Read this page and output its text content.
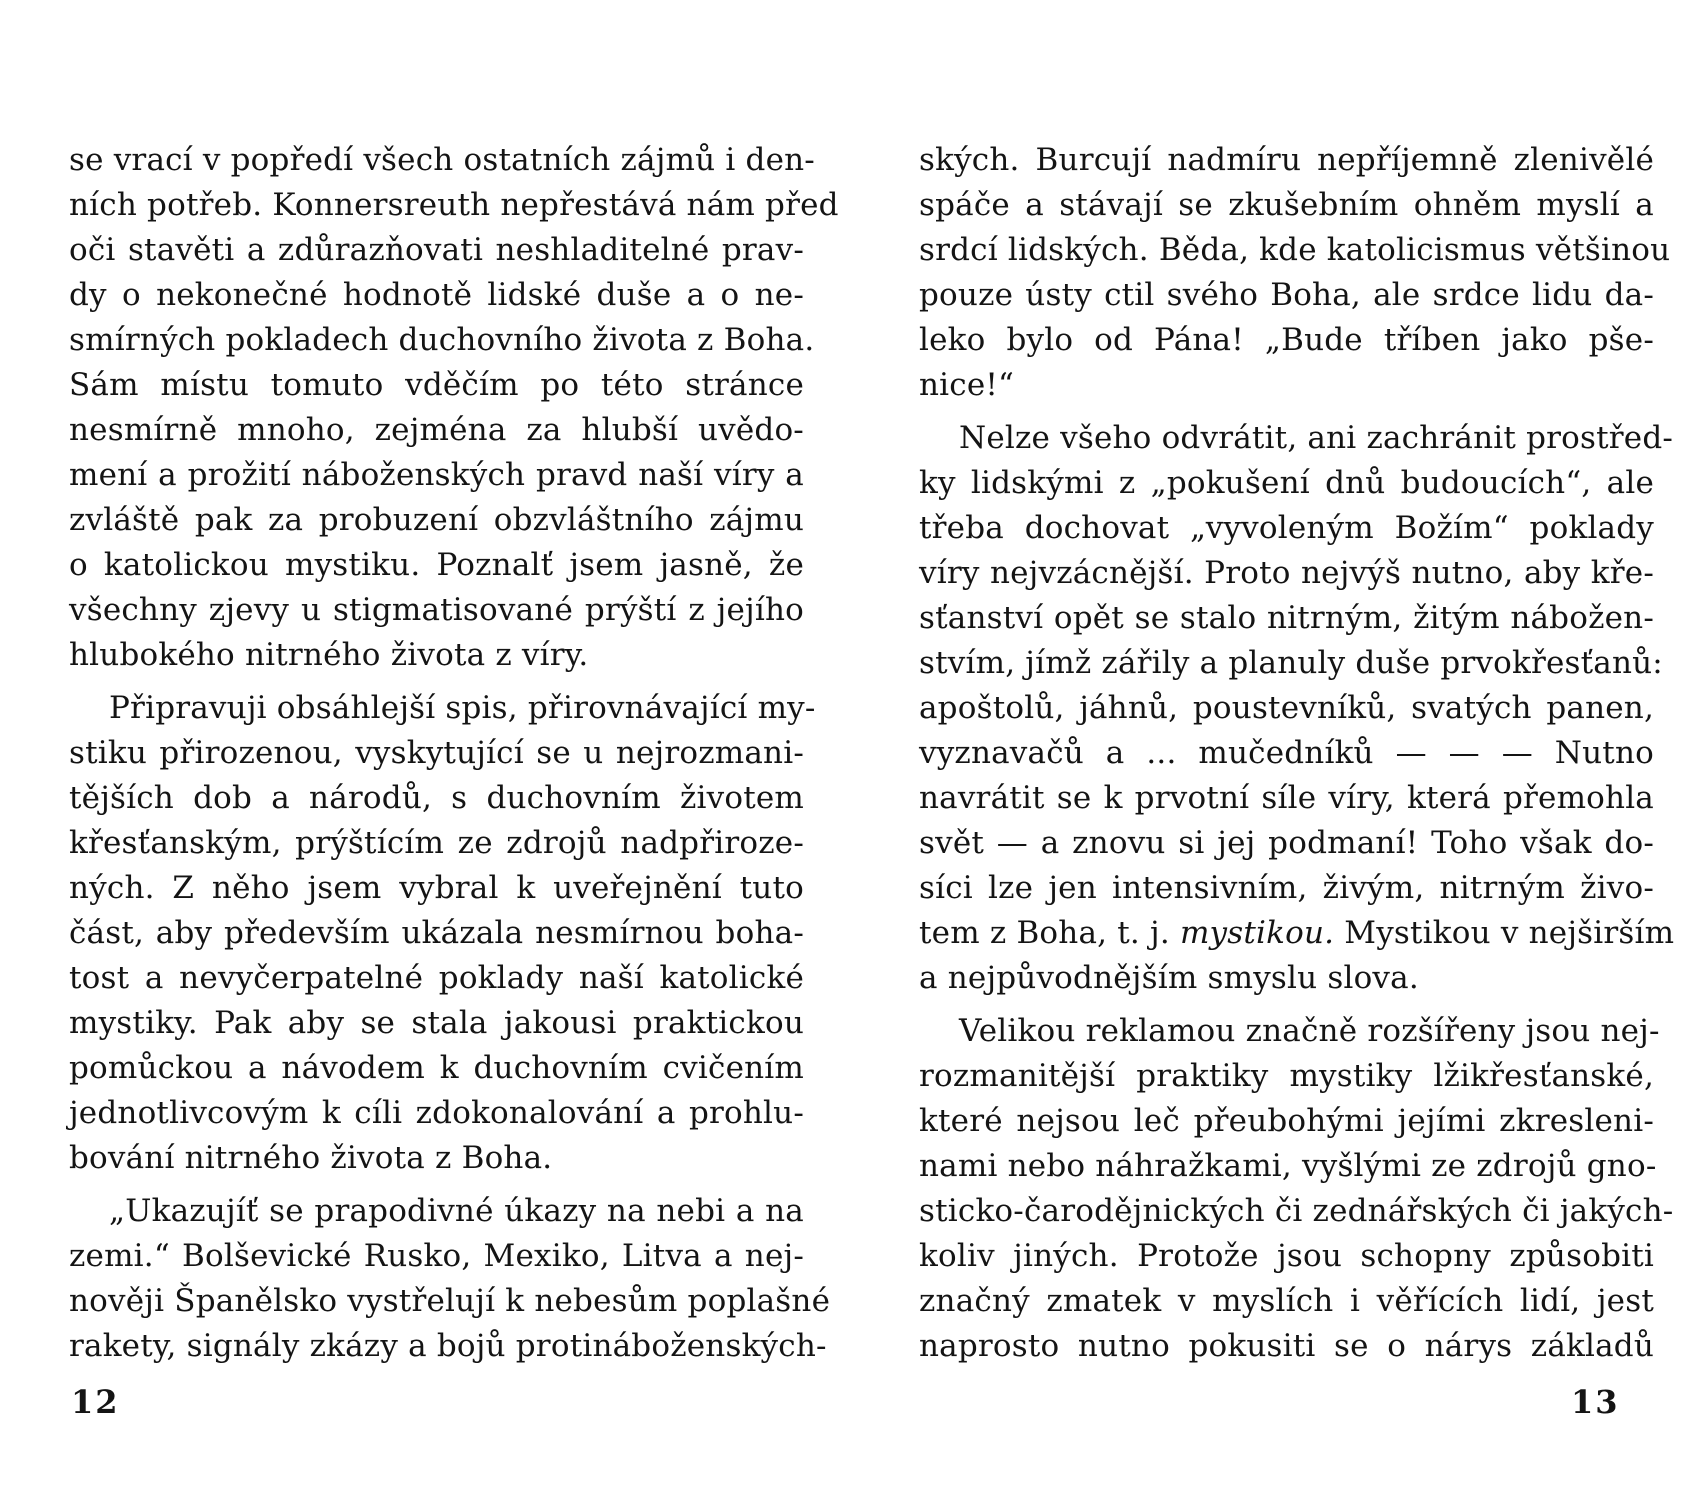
se vrací v popředí všech ostatních zájmů i den-
ních potřeb. Konnersreuth nepřestává nám před
oči stavěti a zdůrazňovati neshladitelné prav-
dy o nekonečné hodnotě lidské duše a o ne-
smírných pokladech duchovního života z Boha.
Sám místu tomuto vděčím po této stránce
nesmírně mnoho, zejména za hlubší uvědo-
mení a prožití náboženských pravd naší víry a
zvláště pak za probuzení obzvláštního zájmu
o katolickou mystiku. Poznalť jsem jasně, že
všechny zjevy u stigmatisované prýští z jejího
hlubokého nitrného života z víry.
Připravuji obsáhlejší spis, přirovnávající my-
stiku přirozenou, vyskytující se u nejrozmani-
tějších dob a národů, s duchovním životem
křesťanským, prýštícím ze zdrojů nadpřiroze-
ných. Z něho jsem vybral k uveřejnění tuto
část, aby především ukázala nesmírnou boha-
tost a nevyčerpatelné poklady naší katolické
mystiky. Pak aby se stala jakousi praktickou
pomůckou a návodem k duchovním cvičením
jednotlivcovým k cíli zdokonalování a prohlu-
bování nitrného života z Boha.
„Ukazujíť se prapodivné úkazy na nebi a na
zemi.“ Bolševické Rusko, Mexiko, Litva a nej-
nověji Španělsko vystřelují k nebesům poplašné
rakety, signály zkázy a bojů protináboženských-
ských. Burcují nadmíru nepříjemně zlenivělé
spáče a stávají se zkušebním ohněm myslí a
srdcí lidských. Běda, kde katolicismus většinou
pouze ústy ctil svého Boha, ale srdce lidu da-
leko bylo od Pána! „Bude tříben jako pše-
nice!“
Nelze všeho odvrátit, ani zachránit prostřed-
ky lidskými z „pokušení dnů budoucích“, ale
třeba dochovat „vyvoleným Božím“ poklady
víry nejvzácnější. Proto nejvýš nutno, aby kře-
sťanství opět se stalo nitrným, žitým nábožen-
stvím, jímž zářily a planuly duše prvokřesťanů:
apoštolů, jáhnů, poustevníků, svatých panen,
vyznavačů a ... mučedníků — — — Nutno
navrátit se k prvotní síle víry, která přemohla
svět — a znovu si jej podmaní! Toho však do-
síci lze jen intensivním, živým, nitrným živo-
tem z Boha, t. j. mystikou. Mystikou v nejširším
a nejpůvodnějším smyslu slova.
Velikou reklamou značně rozšířeny jsou nej-
rozmanitější praktiky mystiky lžikřesťanské,
které nejsou leč přeubohými jejími zkresleni-
nami nebo náhražkami, vyšlými ze zdrojů gno-
sticko-čarodějnických či zednářských či jakých-
koliv jiných. Protože jsou schopny způsobiti
značný zmatek v myslích i věřících lidí, jest
naprosto nutno pokusiti se o nárys základů
12	13
